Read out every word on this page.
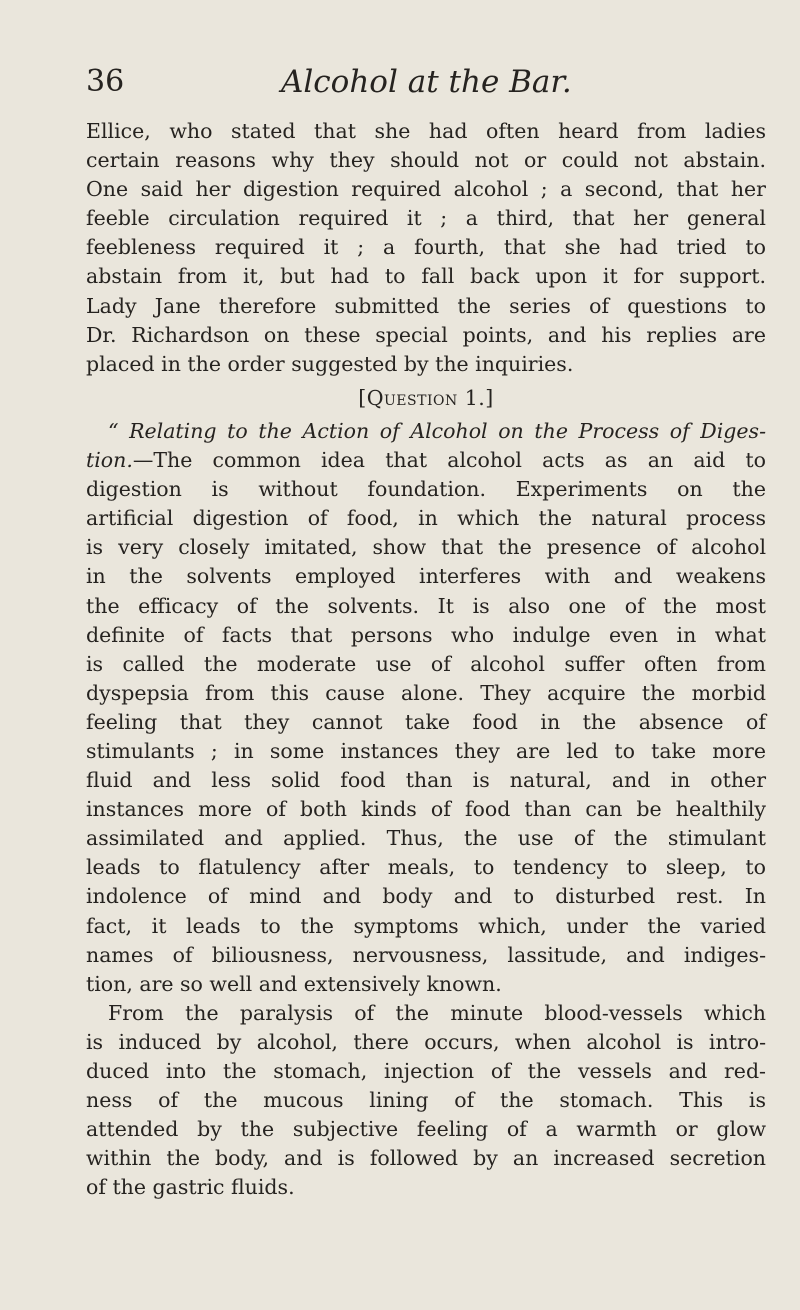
36	Alcohol at the Bar.
Ellice, who stated that she had often heard from ladies
certain reasons why they should not or could not abstain.
One said her digestion required alcohol ; a second, that her
feeble circulation required it ; a third, that her general
feebleness required it ; a fourth, that she had tried to
abstain from it, but had to fall back upon it for support.
Lady Jane therefore submitted the series of questions to
Dr. Richardson on these special points, and his replies are
placed in the order suggested by the inquiries.
[Question 1.]
“ Relating to the Action of Alcohol on the Process of Diges-
tion.—The common idea that alcohol acts as an aid to
digestion is without foundation. Experiments on the
artificial digestion of food, in which the natural process
is very closely imitated, show that the presence of alcohol
in the solvents employed interferes with and weakens
the efficacy of the solvents. It is also one of the most
definite of facts that persons who indulge even in what
is called the moderate use of alcohol suffer often from
dyspepsia from this cause alone. They acquire the morbid
feeling that they cannot take food in the absence of
stimulants ; in some instances they are led to take more
fluid and less solid food than is natural, and in other
instances more of both kinds of food than can be healthily
assimilated and applied. Thus, the use of the stimulant
leads to flatulency after meals, to tendency to sleep, to
indolence of mind and body and to disturbed rest. In
fact, it leads to the symptoms which, under the varied
names of biliousness, nervousness, lassitude, and indiges-
tion, are so well and extensively known.
From the paralysis of the minute blood-vessels which
is induced by alcohol, there occurs, when alcohol is intro-
duced into the stomach, injection of the vessels and red-
ness of the mucous lining of the stomach. This is
attended by the subjective feeling of a warmth or glow
within the body, and is followed by an increased secretion
of the gastric fluids.
